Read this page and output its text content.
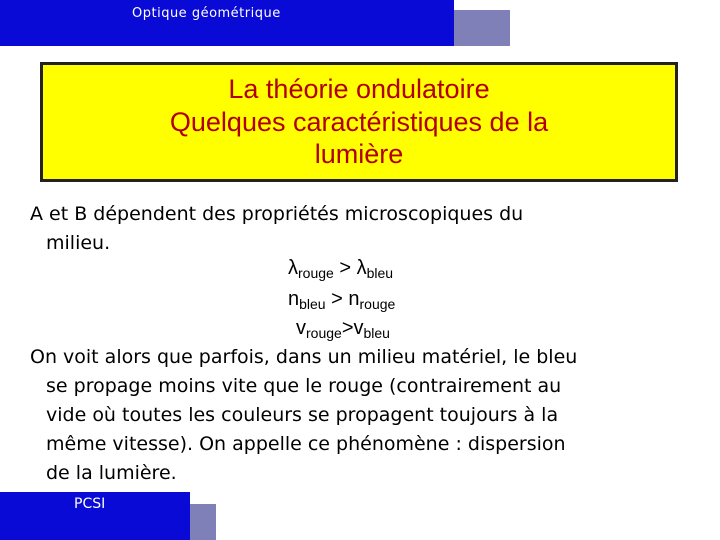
Optique géométrique
La théorie ondulatoire
Quelques caractéristiques de la
lumière
A et B dépendent des propriétés microscopiques du
milieu.
$\lambda_{rouge} > \lambda_{bleu}$
$n_{bleu} > n_{rouge}$
$v_{rouge}>v_{bleu}$
On voit alors que parfois, dans un milieu matériel, le bleu
se propage moins vite que le rouge (contrairement au
vide où toutes les couleurs se propagent toujours à la
même vitesse). On appelle ce phénomène : dispersion
de la lumière.
PCSI
